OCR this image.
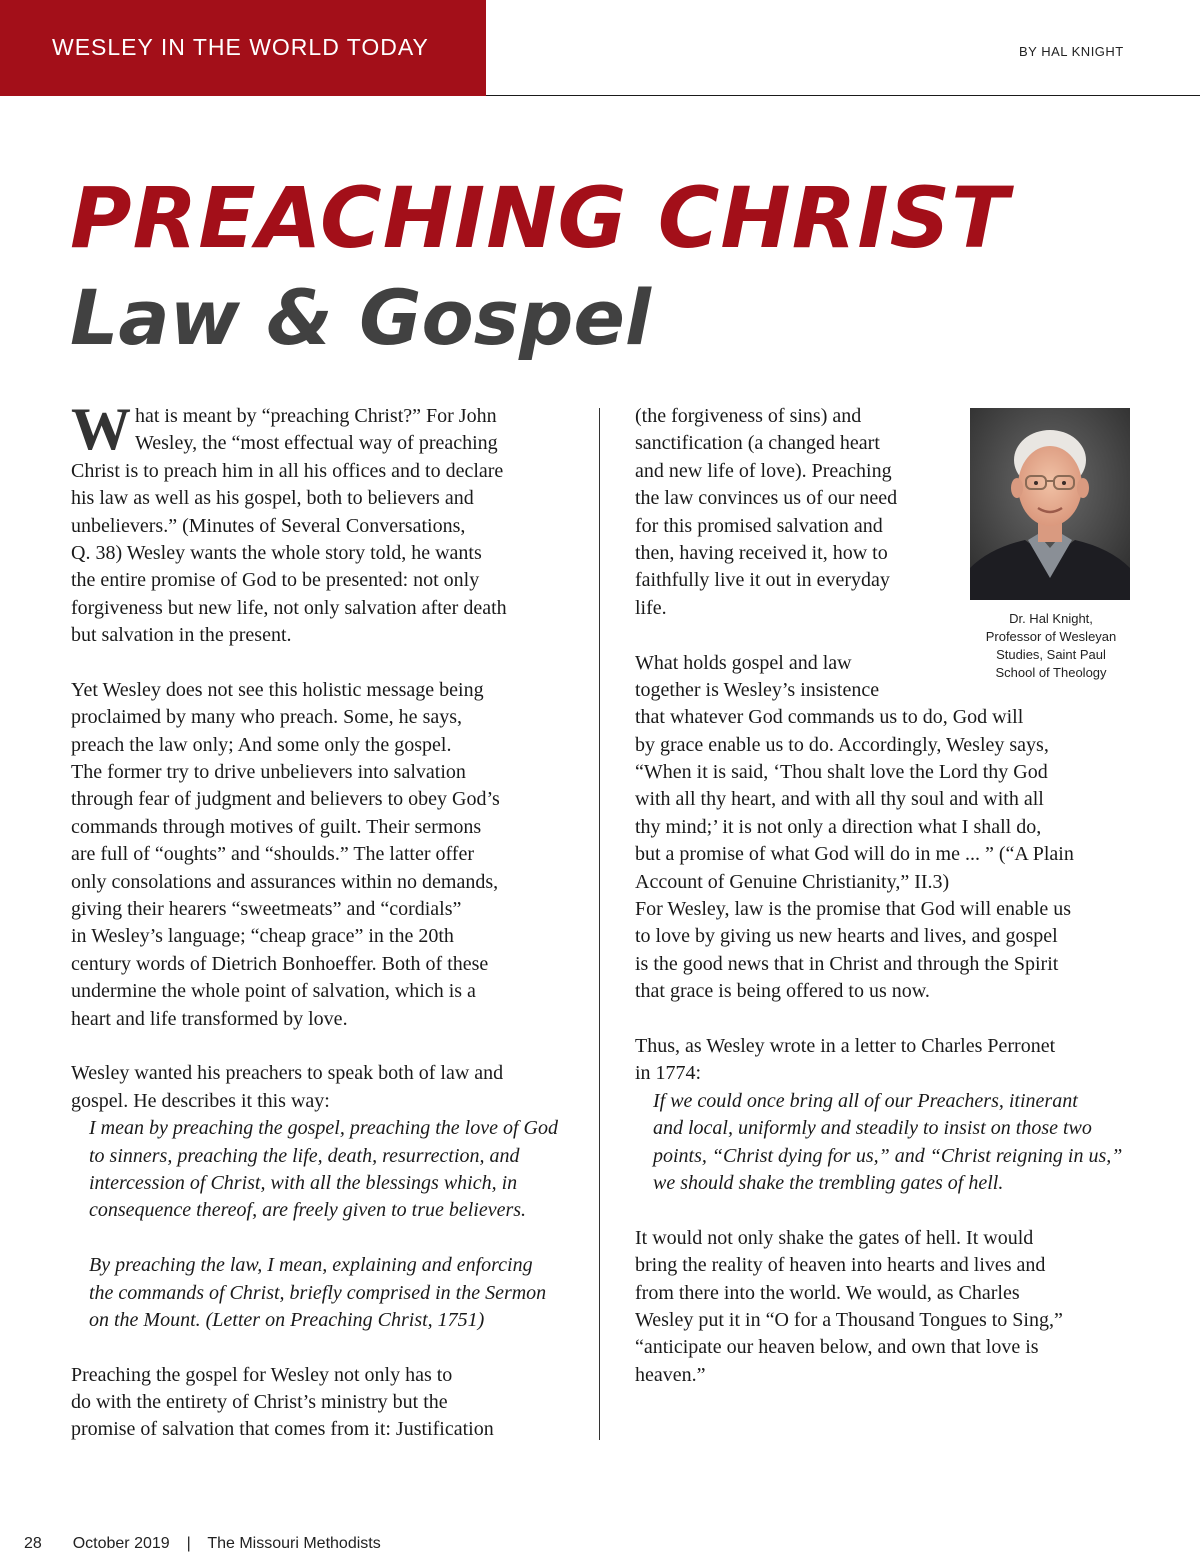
WESLEY IN THE WORLD TODAY	BY HAL KNIGHT
PREACHING CHRIST
Law & Gospel
W hat is meant by “preaching Christ?” For John
Wesley, the “most effectual way of preaching
Christ is to preach him in all his offices and to declare
his law as well as his gospel, both to believers and
unbelievers.” (Minutes of Several Conversations,
Q. 38) Wesley wants the whole story told, he wants
the entire promise of God to be presented: not only
forgiveness but new life, not only salvation after death
but salvation in the present.
Yet Wesley does not see this holistic message being
proclaimed by many who preach. Some, he says,
preach the law only; And some only the gospel.
The former try to drive unbelievers into salvation
through fear of judgment and believers to obey God’s
commands through motives of guilt. Their sermons
are full of “oughts” and “shoulds.” The latter offer
only consolations and assurances within no demands,
giving their hearers “sweetmeats” and “cordials”
in Wesley’s language; “cheap grace” in the 20th
century words of Dietrich Bonhoeffer. Both of these
undermine the whole point of salvation, which is a
heart and life transformed by love.
Wesley wanted his preachers to speak both of law and
gospel. He describes it this way:
I mean by preaching the gospel, preaching the love of God
to sinners, preaching the life, death, resurrection, and
intercession of Christ, with all the blessings which, in
consequence thereof, are freely given to true believers.
By preaching the law, I mean, explaining and enforcing
the commands of Christ, briefly comprised in the Sermon
on the Mount. (Letter on Preaching Christ, 1751)
Preaching the gospel for Wesley not only has to
do with the entirety of Christ’s ministry but the
promise of salvation that comes from it: Justification
(the forgiveness of sins) and
sanctification (a changed heart
and new life of love). Preaching
the law convinces us of our need
for this promised salvation and
then, having received it, how to
faithfully live it out in everyday
life.
What holds gospel and law
together is Wesley’s insistence
that whatever God commands us to do, God will
by grace enable us to do. Accordingly, Wesley says,
“When it is said, ‘Thou shalt love the Lord thy God
with all thy heart, and with all thy soul and with all
thy mind;’ it is not only a direction what I shall do,
but a promise of what God will do in me ... ” (“A Plain
Account of Genuine Christianity,” II.3)
For Wesley, law is the promise that God will enable us
to love by giving us new hearts and lives, and gospel
is the good news that in Christ and through the Spirit
that grace is being offered to us now.
Thus, as Wesley wrote in a letter to Charles Perronet
in 1774:
If we could once bring all of our Preachers, itinerant
and local, uniformly and steadily to insist on those two
points, “Christ dying for us,” and “Christ reigning in us,”
we should shake the trembling gates of hell.
It would not only shake the gates of hell. It would
bring the reality of heaven into hearts and lives and
from there into the world. We would, as Charles
Wesley put it in “O for a Thousand Tongues to Sing,”
“anticipate our heaven below, and own that love is
heaven.”
Dr. Hal Knight,
Professor of Wesleyan
Studies, Saint Paul
School of Theology
28 October 2019 | The Missouri Methodists
